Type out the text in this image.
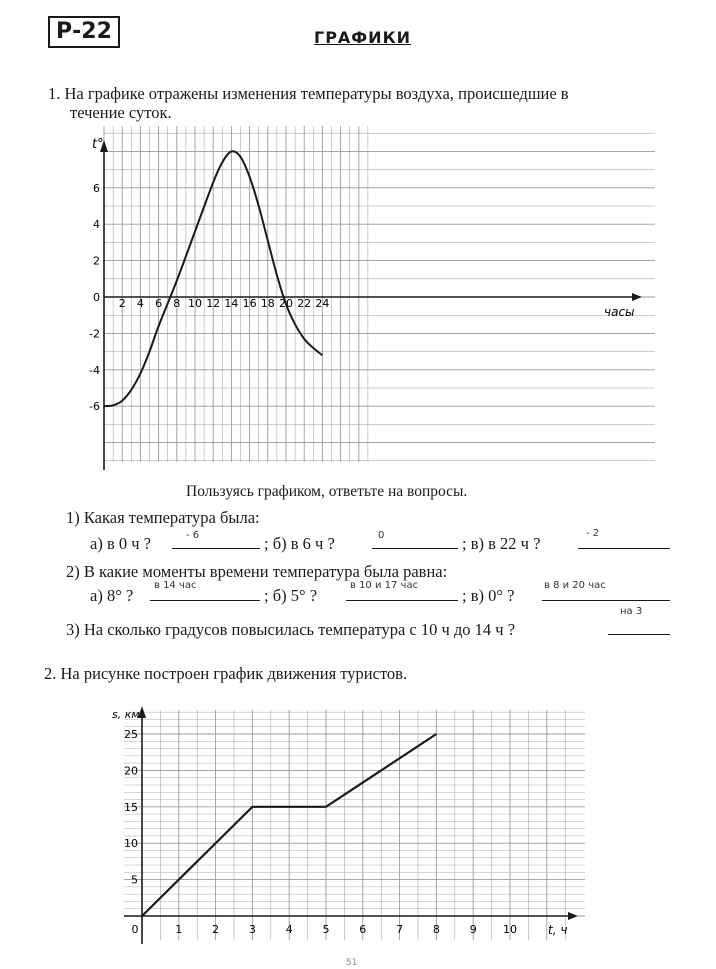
Р-22	ГРАФИКИ
1. На графике отражены изменения температуры воздуха, происшедшие в
течение суток.
t°
часы
2 4 6 8 10 12 14 16 18 20 22 24
6
4
2
0
-2
-4
-6
Пользуясь графиком, ответьте на вопросы.
1) Какая температура была:
а) в 0 ч ?	- 6	; б) в 6 ч ?	0	; в) в 22 ч ?
- 2
2) В какие моменты времени температура была равна:
а) 8° ?
в 14 час
; б) 5° ?
в 10 и 17 час
; в) 0° ?
в 8 и 20 час
3) На сколько градусов повысилась температура с 10 ч до 14 ч ?
на 3
2. На рисунке построен график движения туристов.
s, км
t, ч
0	1	2	3	4	5	6	7	8	9 10
25
20
15
10
5
51
